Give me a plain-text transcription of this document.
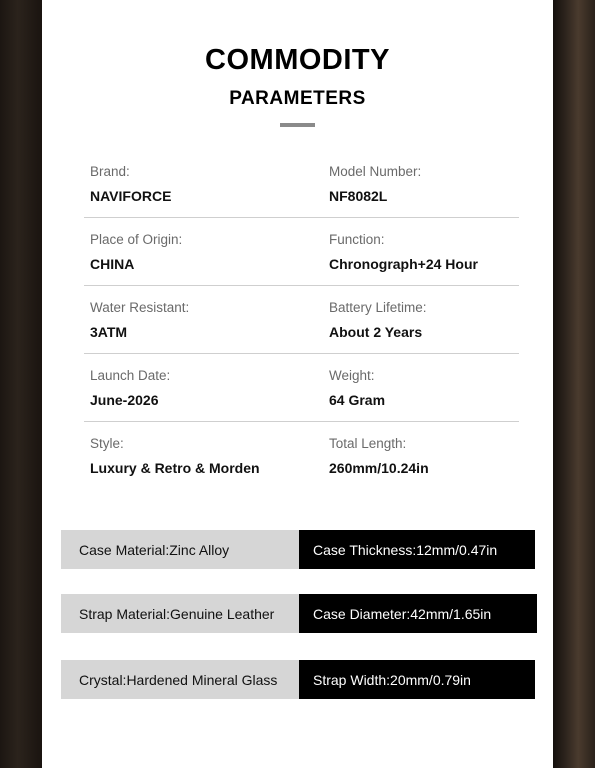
COMMODITY
PARAMETERS
Brand:
NAVIFORCE
Model Number:
NF8082L
Place of Origin:
CHINA
Function:
Chronograph+24 Hour
Water Resistant:
3ATM
Battery Lifetime:
About 2 Years
Launch Date:
June-2026
Weight:
64 Gram
Style:
Luxury & Retro & Morden
Total Length:
260mm/10.24in
Case Material:Zinc Alloy	Case Thickness:12mm/0.47in
Strap Material:Genuine Leather	Case Diameter:42mm/1.65in
Crystal:Hardened Mineral Glass	Strap Width:20mm/0.79in
